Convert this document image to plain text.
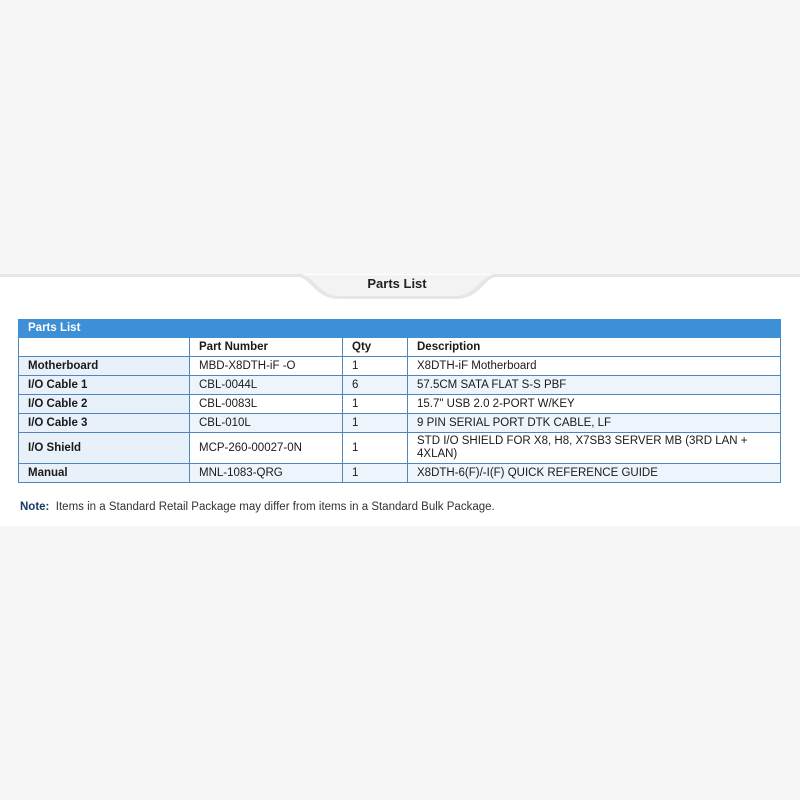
Parts List
Parts List			
	Part Number	Qty	Description
Motherboard	MBD-X8DTH-iF -O	1	X8DTH-iF Motherboard
I/O Cable 1	CBL-0044L	6	57.5CM SATA FLAT S-S PBF
I/O Cable 2	CBL-0083L	1	15.7" USB 2.0 2-PORT W/KEY
I/O Cable 3	CBL-010L	1	9 PIN SERIAL PORT DTK CABLE, LF
I/O Shield	MCP-260-00027-0N	1	STD I/O SHIELD FOR X8, H8, X7SB3 SERVER MB (3RD LAN + 4XLAN)
Manual	MNL-1083-QRG	1	X8DTH-6(F)/-I(F) QUICK REFERENCE GUIDE
Note: Items in a Standard Retail Package may differ from items in a Standard Bulk Package.
